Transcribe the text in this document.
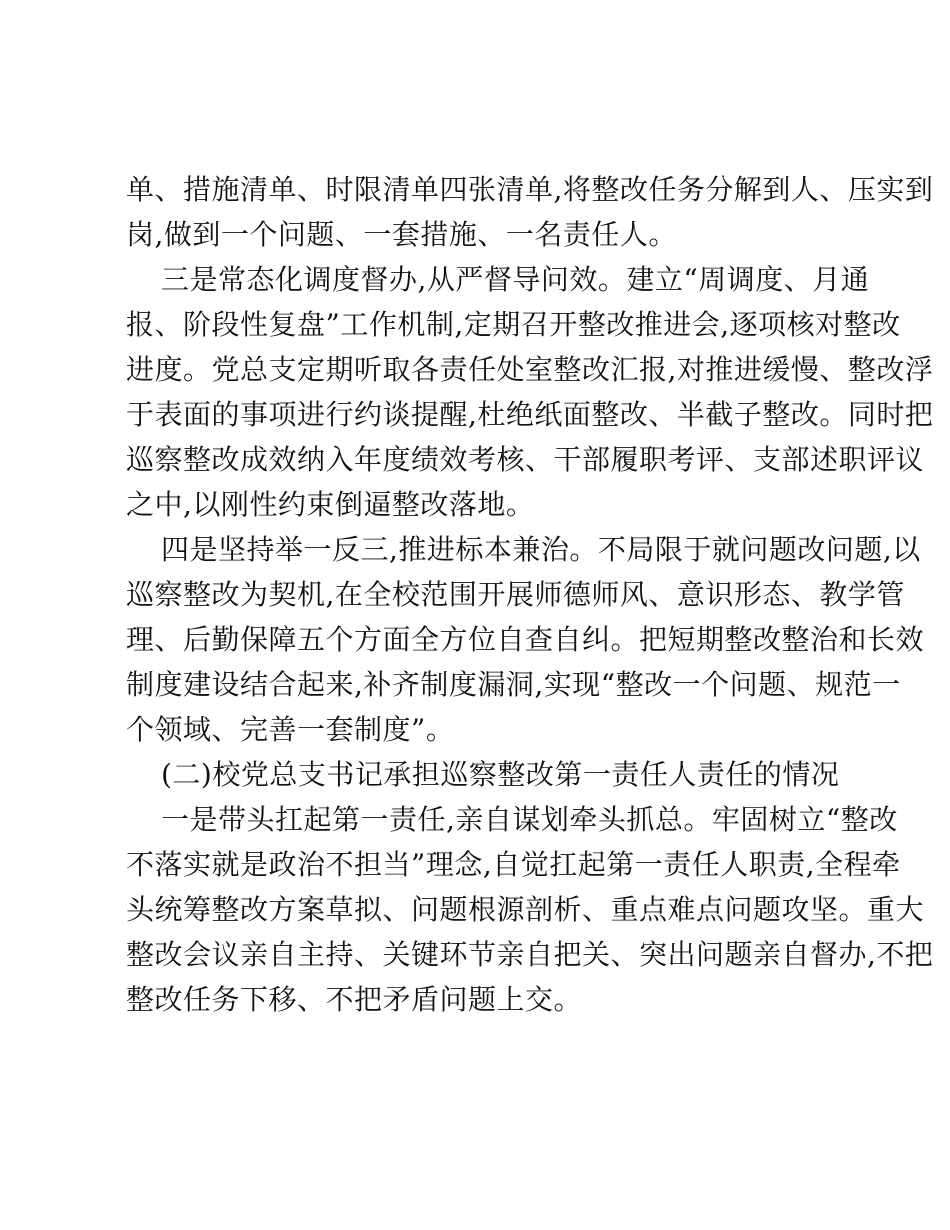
单、措施清单、时限清单四张清单,将整改任务分解到人、压实到
岗,做到一个问题、一套措施、一名责任人。
三是常态化调度督办,从严督导问效。建立“周调度、月通
报、阶段性复盘”工作机制,定期召开整改推进会,逐项核对整改
进度。党总支定期听取各责任处室整改汇报,对推进缓慢、整改浮
于表面的事项进行约谈提醒,杜绝纸面整改、半截子整改。同时把
巡察整改成效纳入年度绩效考核、干部履职考评、支部述职评议
之中,以刚性约束倒逼整改落地。
四是坚持举一反三,推进标本兼治。不局限于就问题改问题,以
巡察整改为契机,在全校范围开展师德师风、意识形态、教学管
理、后勤保障五个方面全方位自查自纠。把短期整改整治和长效
制度建设结合起来,补齐制度漏洞,实现“整改一个问题、规范一
个领域、完善一套制度”。
(二)校党总支书记承担巡察整改第一责任人责任的情况
一是带头扛起第一责任,亲自谋划牵头抓总。牢固树立“整改
不落实就是政治不担当”理念,自觉扛起第一责任人职责,全程牵
头统筹整改方案草拟、问题根源剖析、重点难点问题攻坚。重大
整改会议亲自主持、关键环节亲自把关、突出问题亲自督办,不把
整改任务下移、不把矛盾问题上交。
